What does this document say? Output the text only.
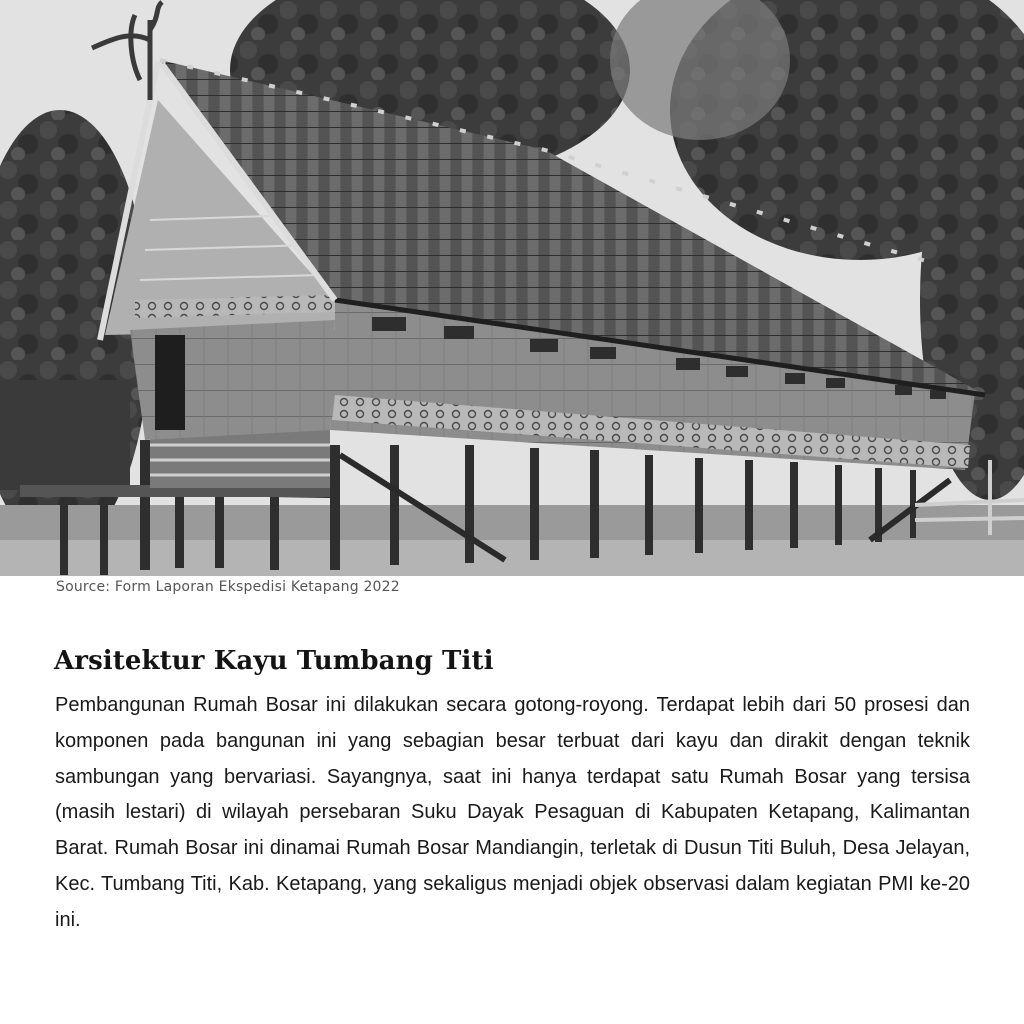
Source: Form Laporan Ekspedisi Ketapang 2022
Arsitektur Kayu Tumbang Titi

Pembangunan Rumah Bosar ini dilakukan secara gotong-royong. Terdapat lebih dari 50 prosesi dan komponen pada bangunan ini yang sebagian besar terbuat dari kayu dan dirakit dengan teknik sambungan yang bervariasi. Sayangnya, saat ini hanya terdapat satu Rumah Bosar yang tersisa (masih lestari) di wilayah persebaran Suku Dayak Pesaguan di Kabupaten Ketapang, Kalimantan Barat. Rumah Bosar ini dinamai Rumah Bosar Mandiangin, terletak di Dusun Titi Buluh, Desa Jelayan, Kec. Tumbang Titi, Kab. Ketapang, yang sekaligus menjadi objek observasi dalam kegiatan PMI ke-20 ini.
